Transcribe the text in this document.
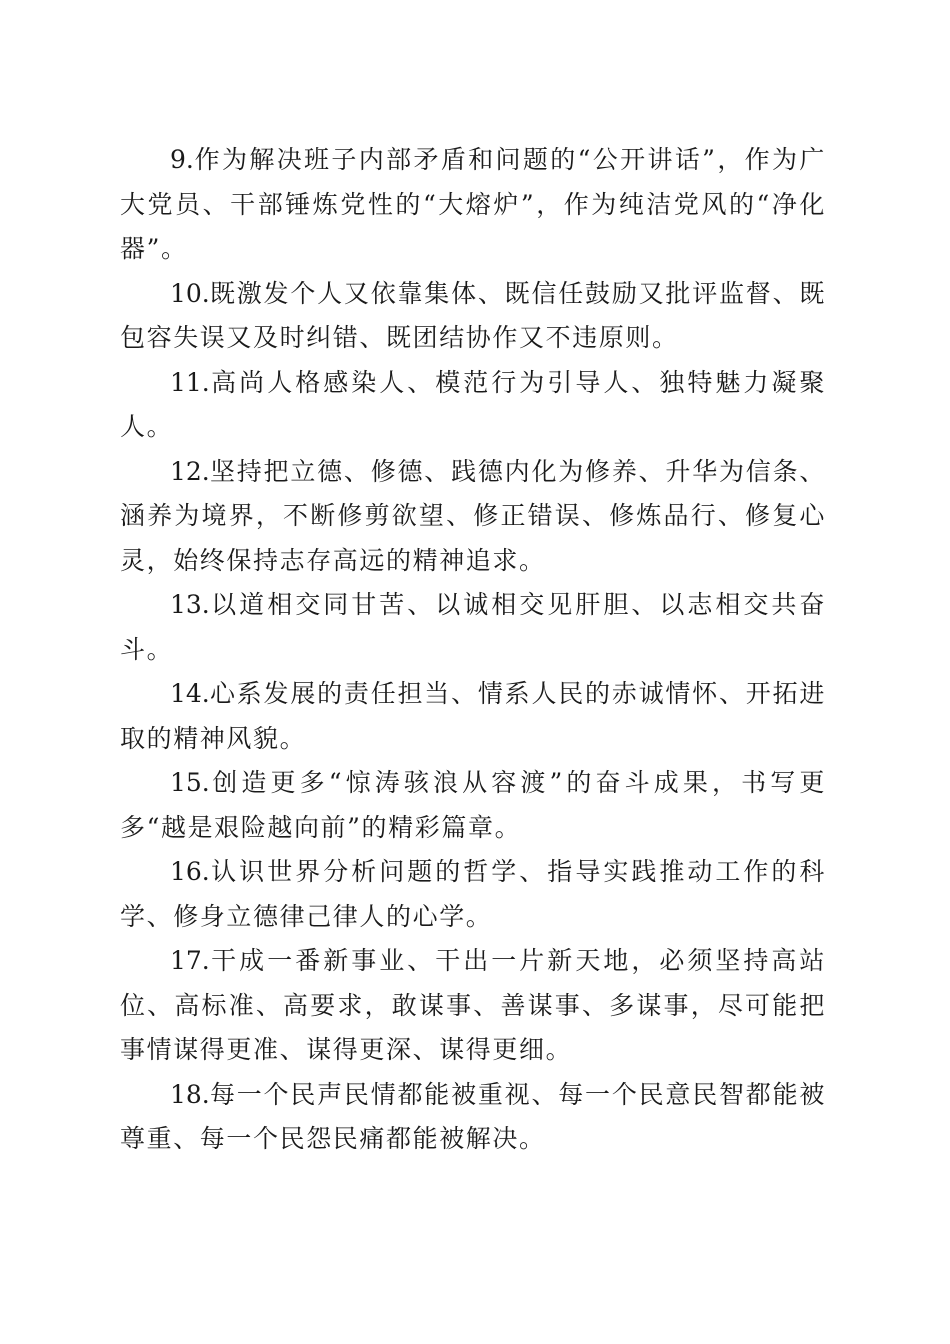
9.作为解决班子内部矛盾和问题的“公开讲话”，作为广大党员、干部锤炼党性的“大熔炉”，作为纯洁党风的“净化器”。

10.既激发个人又依靠集体、既信任鼓励又批评监督、既包容失误又及时纠错、既团结协作又不违原则。

11.高尚人格感染人、模范行为引导人、独特魅力凝聚人。

12.坚持把立德、修德、践德内化为修养、升华为信条、涵养为境界，不断修剪欲望、修正错误、修炼品行、修复心灵，始终保持志存高远的精神追求。

13.以道相交同甘苦、以诚相交见肝胆、以志相交共奋斗。

14.心系发展的责任担当、情系人民的赤诚情怀、开拓进取的精神风貌。

15.创造更多“惊涛骇浪从容渡”的奋斗成果，书写更多“越是艰险越向前”的精彩篇章。

16.认识世界分析问题的哲学、指导实践推动工作的科学、修身立德律己律人的心学。

17.干成一番新事业、干出一片新天地，必须坚持高站位、高标准、高要求，敢谋事、善谋事、多谋事，尽可能把事情谋得更准、谋得更深、谋得更细。

18.每一个民声民情都能被重视、每一个民意民智都能被尊重、每一个民怨民痛都能被解决。
